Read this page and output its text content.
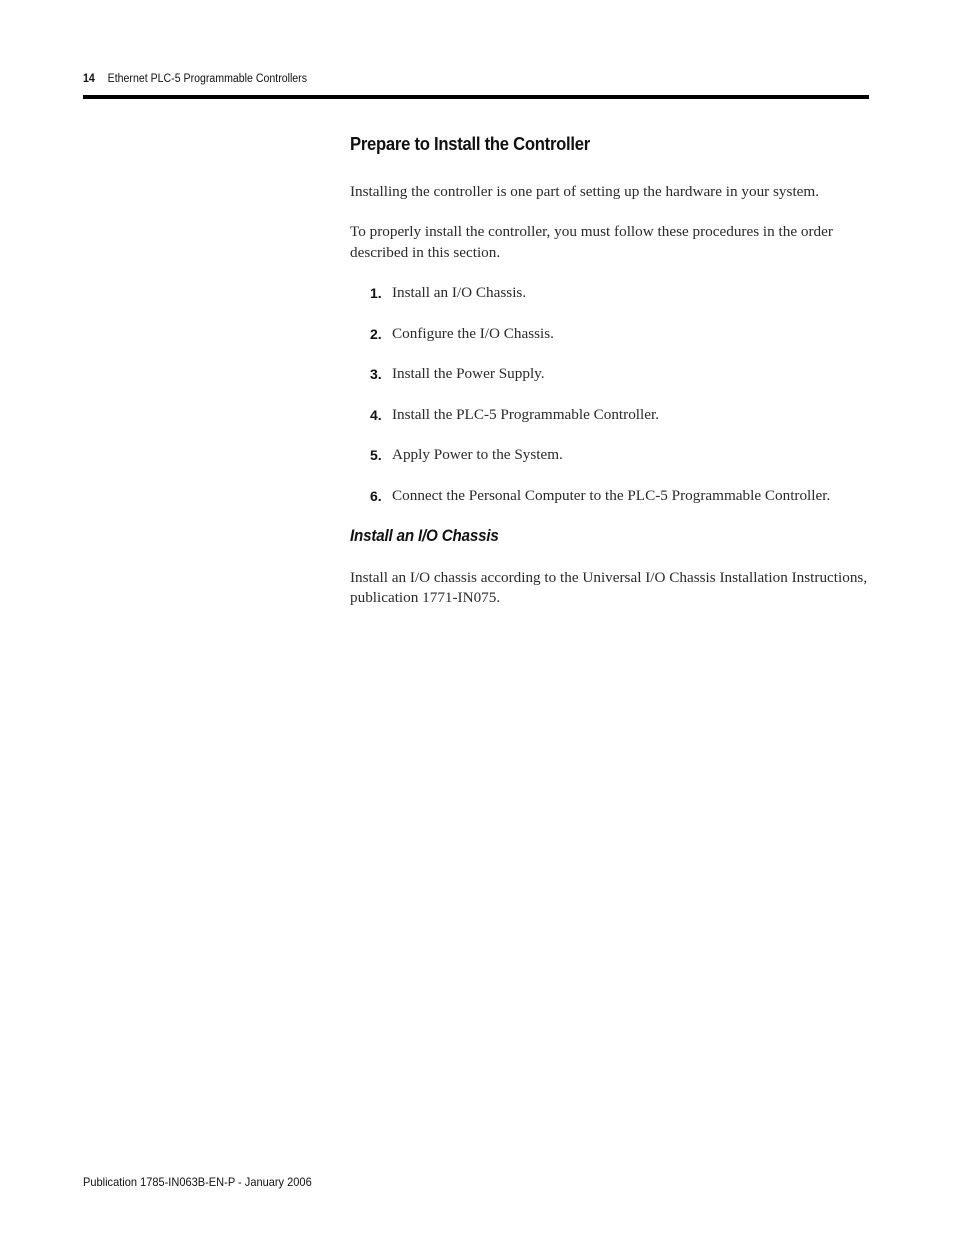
14 Ethernet PLC-5 Programmable Controllers
Prepare to Install the Controller

Installing the controller is one part of setting up the hardware in your system.

To properly install the controller, you must follow these procedures in the order described in this section.

1. Install an I/O Chassis.
2. Configure the I/O Chassis.
3. Install the Power Supply.
4. Install the PLC-5 Programmable Controller.
5. Apply Power to the System.
6. Connect the Personal Computer to the PLC-5 Programmable Controller.
Install an I/O Chassis

Install an I/O chassis according to the Universal I/O Chassis Installation Instructions, publication 1771-IN075.

Publication 1785-IN063B-EN-P - January 2006
